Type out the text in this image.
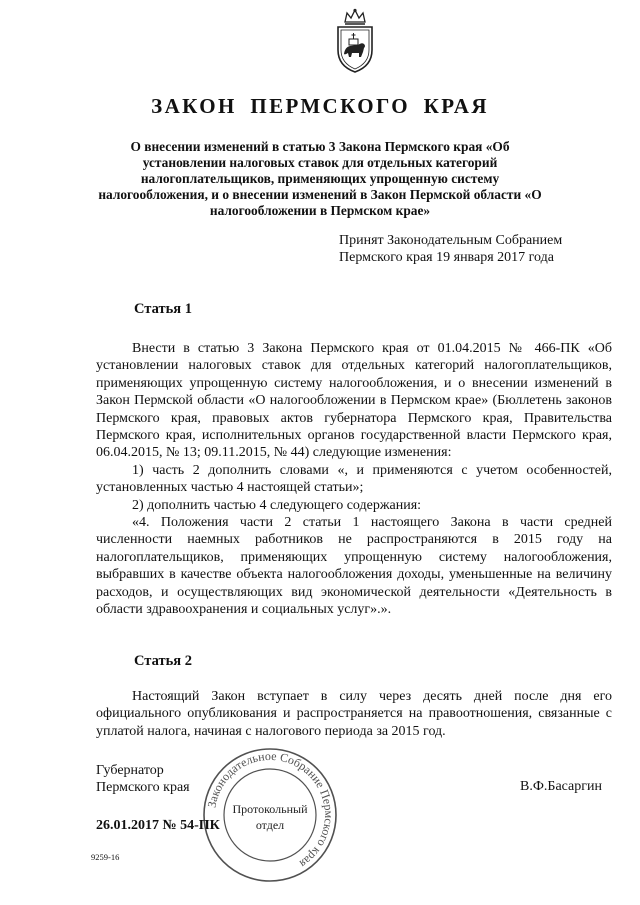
ЗАКОН ПЕРМСКОГО КРАЯ
О внесении изменений в статью 3 Закона Пермского края «Об установлении налоговых ставок для отдельных категорий налогоплательщиков, применяющих упрощенную систему налогообложения, и о внесении изменений в Закон Пермской области «О налогообложении в Пермском крае»
Принят Законодательным Собранием
Пермского края 19 января 2017 года
Статья 1

Внести в статью 3 Закона Пермского края от 01.04.2015 № 466-ПК «Об установлении налоговых ставок для отдельных категорий налогоплательщиков, применяющих упрощенную систему налогообложения, и о внесении изменений в Закон Пермской области «О налогообложении в Пермском крае» (Бюллетень законов Пермского края, правовых актов губернатора Пермского края, Правительства Пермского края, исполнительных органов государственной власти Пермского края, 06.04.2015, № 13; 09.11.2015, № 44) следующие изменения:

1) часть 2 дополнить словами «, и применяются с учетом особенностей, установленных частью 4 настоящей статьи»;

2) дополнить частью 4 следующего содержания:

«4. Положения части 2 статьи 1 настоящего Закона в части средней численности наемных работников не распространяются в 2015 году на налогоплательщиков, применяющих упрощенную систему налогообложения, выбравших в качестве объекта налогообложения доходы, уменьшенные на величину расходов, и осуществляющих вид экономической деятельности «Деятельность в области здравоохранения и социальных услуг».».

Статья 2

Настоящий Закон вступает в силу через десять дней после дня его официального опубликования и распространяется на правоотношения, связанные с уплатой налога, начиная с налогового периода за 2015 год.

Губернатор
Пермского края	В.Ф.Басаргин
26.01.2017 № 54-ПК
9259-16
Законодательное Собрание Пермского края
Протокольный
отдел
